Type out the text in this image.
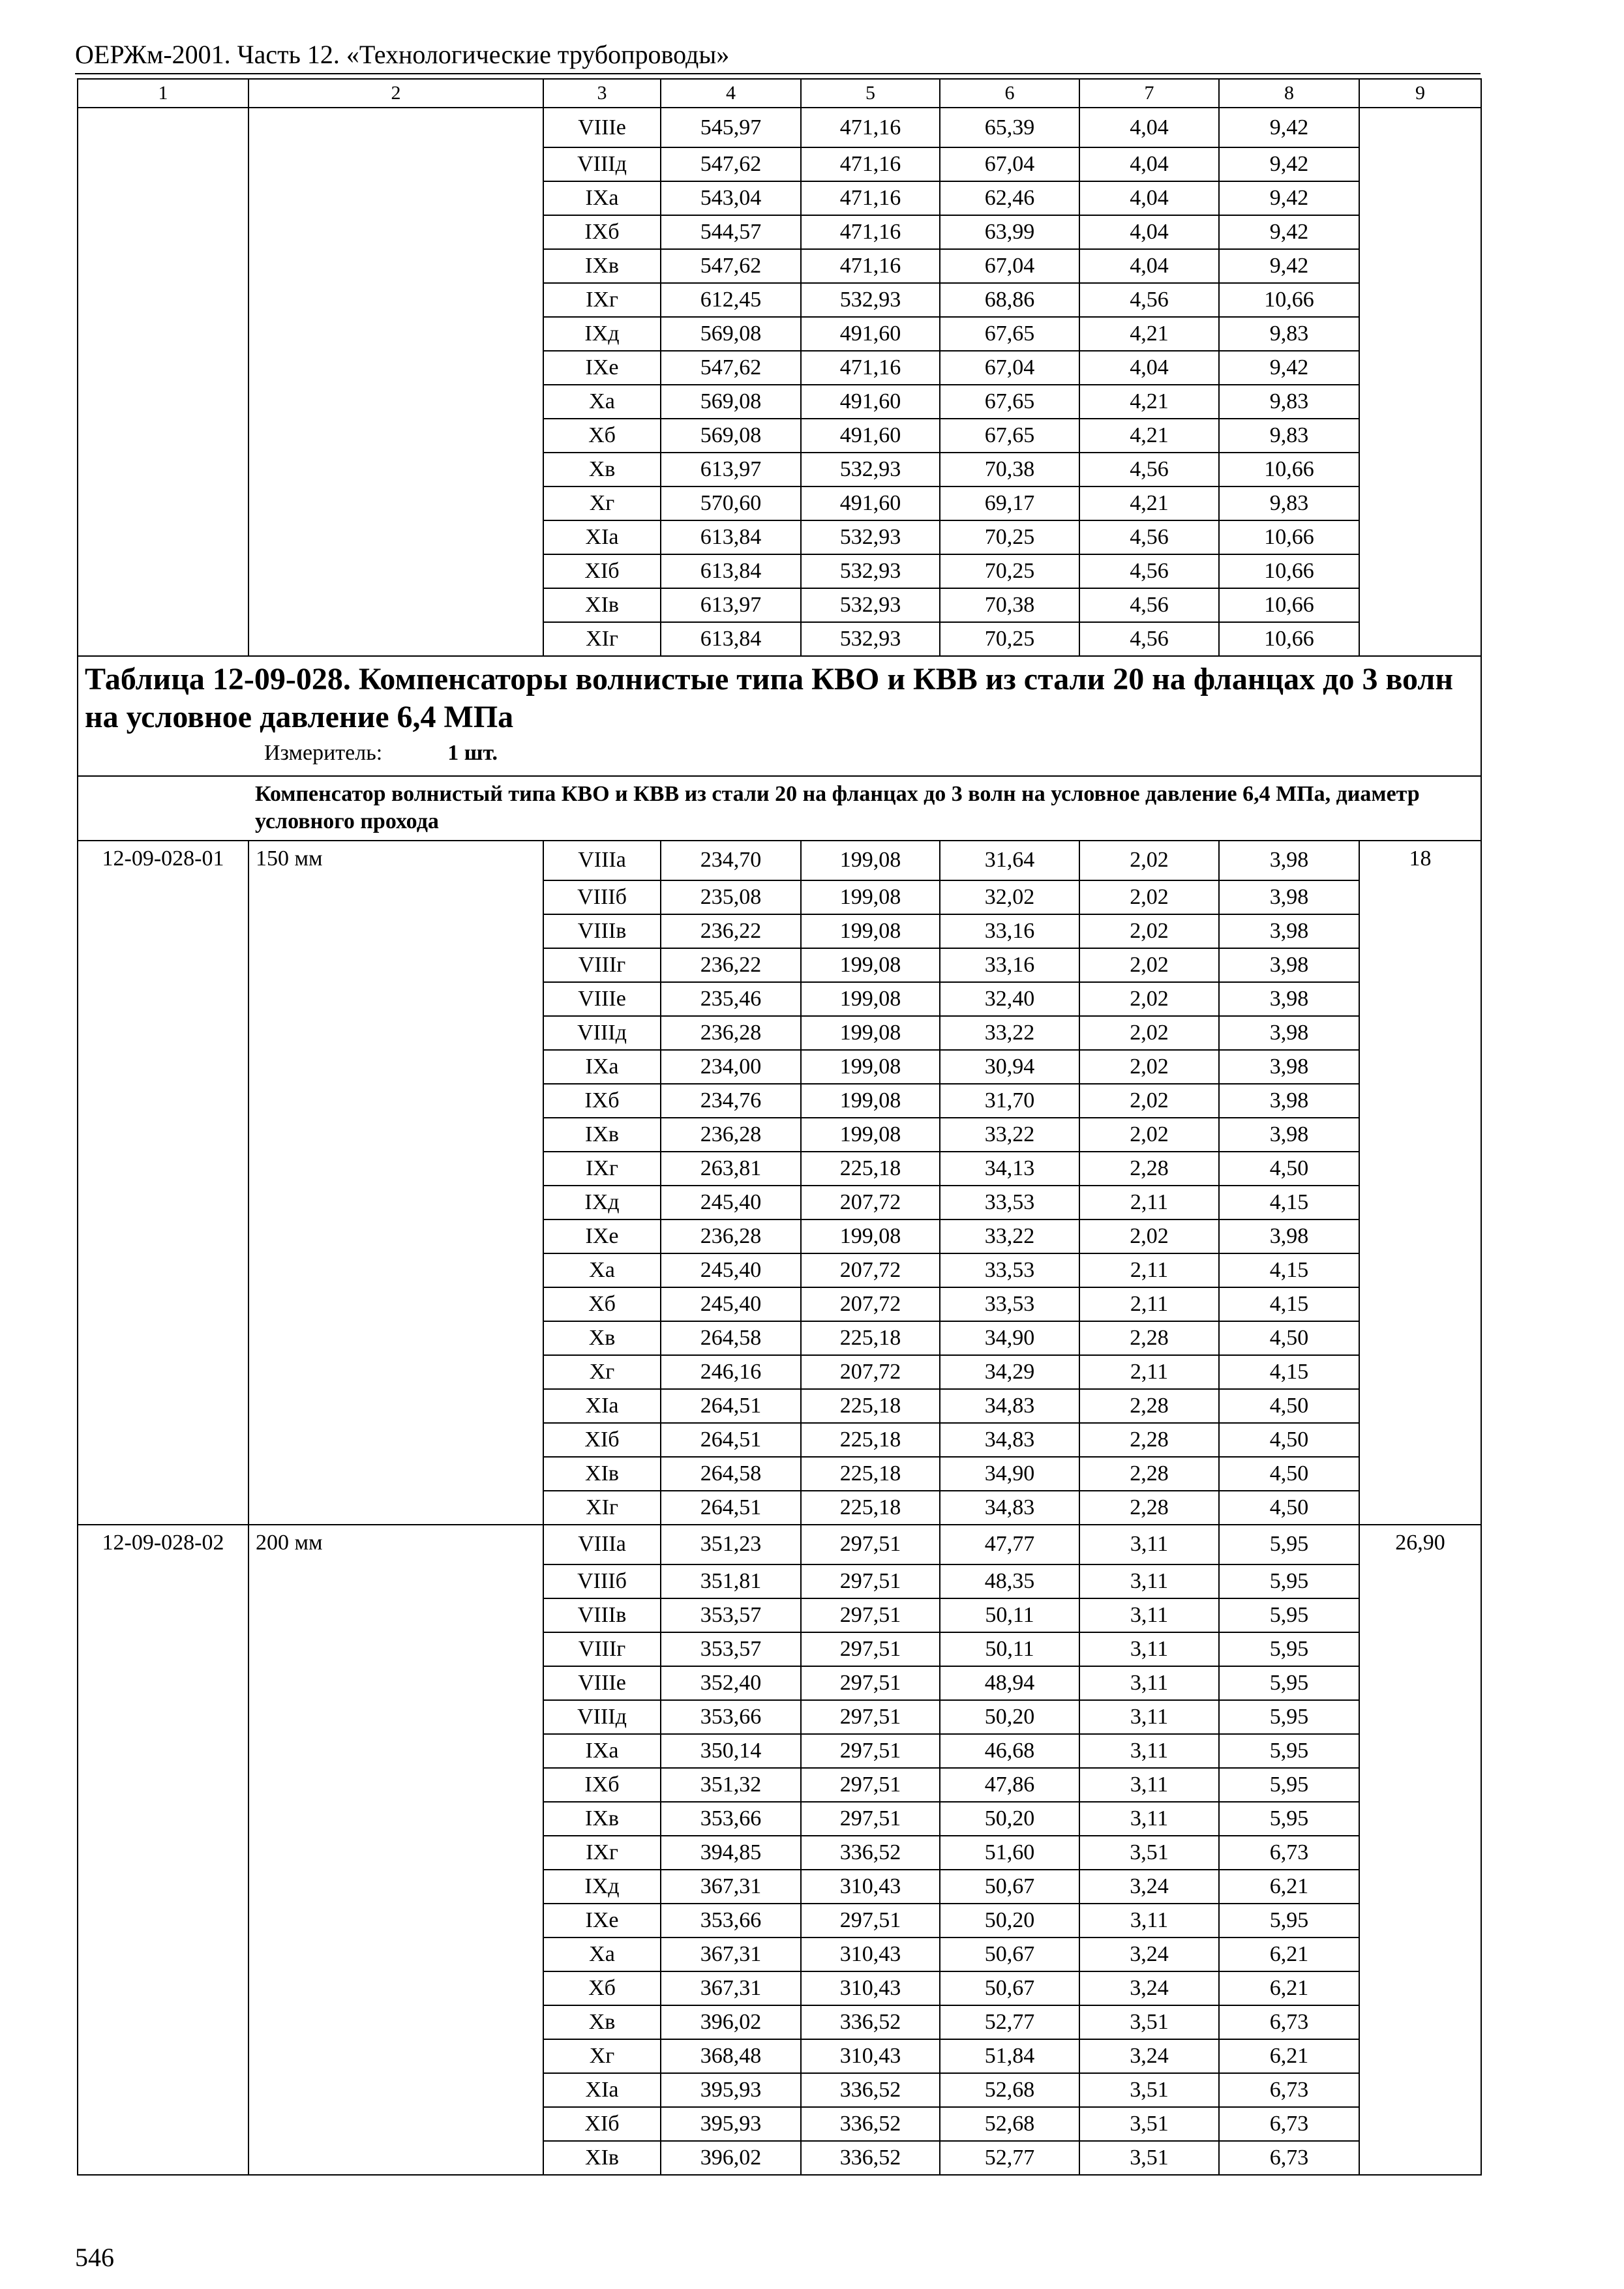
ОЕРЖм-2001. Часть 12. «Технологические трубопроводы»
1	2	3	4	5	6	7	8	9
		VIIIе	545,97	471,16	65,39	4,04	9,42	
		VIIIд	547,62	471,16	67,04	4,04	9,42	
		IXa	543,04	471,16	62,46	4,04	9,42	
		IXб	544,57	471,16	63,99	4,04	9,42	
		IXв	547,62	471,16	67,04	4,04	9,42	
		IXг	612,45	532,93	68,86	4,56	10,66	
		IXд	569,08	491,60	67,65	4,21	9,83	
		IXе	547,62	471,16	67,04	4,04	9,42	
		Xa	569,08	491,60	67,65	4,21	9,83	
		Xб	569,08	491,60	67,65	4,21	9,83	
		Xв	613,97	532,93	70,38	4,56	10,66	
		Xг	570,60	491,60	69,17	4,21	9,83	
		XIa	613,84	532,93	70,25	4,56	10,66	
		XIб	613,84	532,93	70,25	4,56	10,66	
		XIв	613,97	532,93	70,38	4,56	10,66	
		XIг	613,84	532,93	70,25	4,56	10,66	

Таблица 12-09-028. Компенсаторы волнистые типа КВО и КВВ из стали 20 на фланцах до 3 волн на условное давление 6,4 МПа
Измеритель: 1 шт.								

	Компенсатор волнистый типа КВО и КВВ из стали 20 на фланцах до 3 волн на условное давление 6,4 МПа, диаметр условного прохода							
12-09-028-01	150 мм	VIIIa	234,70	199,08	31,64	2,02	3,98	18
		VIIIб	235,08	199,08	32,02	2,02	3,98	
		VIIIв	236,22	199,08	33,16	2,02	3,98	
		VIIIг	236,22	199,08	33,16	2,02	3,98	
		VIIIе	235,46	199,08	32,40	2,02	3,98	
		VIIIд	236,28	199,08	33,22	2,02	3,98	
		IXa	234,00	199,08	30,94	2,02	3,98	
		IXб	234,76	199,08	31,70	2,02	3,98	
		IXв	236,28	199,08	33,22	2,02	3,98	
		IXг	263,81	225,18	34,13	2,28	4,50	
		IXд	245,40	207,72	33,53	2,11	4,15	
		IXе	236,28	199,08	33,22	2,02	3,98	
		Xa	245,40	207,72	33,53	2,11	4,15	
		Xб	245,40	207,72	33,53	2,11	4,15	
		Xв	264,58	225,18	34,90	2,28	4,50	
		Xг	246,16	207,72	34,29	2,11	4,15	
		XIa	264,51	225,18	34,83	2,28	4,50	
		XIб	264,51	225,18	34,83	2,28	4,50	
		XIв	264,58	225,18	34,90	2,28	4,50	
		XIг	264,51	225,18	34,83	2,28	4,50	
12-09-028-02	200 мм	VIIIa	351,23	297,51	47,77	3,11	5,95	26,90
		VIIIб	351,81	297,51	48,35	3,11	5,95	
		VIIIв	353,57	297,51	50,11	3,11	5,95	
		VIIIг	353,57	297,51	50,11	3,11	5,95	
		VIIIе	352,40	297,51	48,94	3,11	5,95	
		VIIIд	353,66	297,51	50,20	3,11	5,95	
		IXa	350,14	297,51	46,68	3,11	5,95	
		IXб	351,32	297,51	47,86	3,11	5,95	
		IXв	353,66	297,51	50,20	3,11	5,95	
		IXг	394,85	336,52	51,60	3,51	6,73	
		IXд	367,31	310,43	50,67	3,24	6,21	
		IXе	353,66	297,51	50,20	3,11	5,95	
		Xa	367,31	310,43	50,67	3,24	6,21	
		Xб	367,31	310,43	50,67	3,24	6,21	
		Xв	396,02	336,52	52,77	3,51	6,73	
		Xг	368,48	310,43	51,84	3,24	6,21	
		XIa	395,93	336,52	52,68	3,51	6,73	
		XIб	395,93	336,52	52,68	3,51	6,73	
		XIв	396,02	336,52	52,77	3,51	6,73	
546
